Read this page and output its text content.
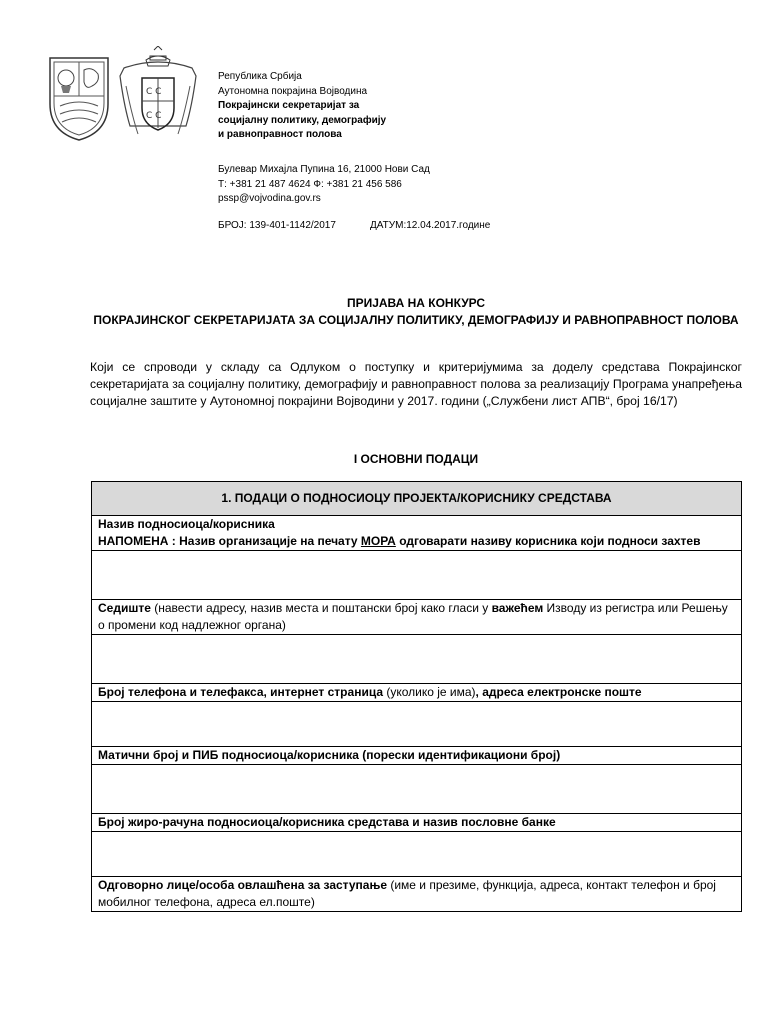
С С
С С
Република Србија
Аутономна покрајина Војводина
Покрајински секретаријат за
социјалну политику, демографију
и равноправност полова
Булевар Михајла Пупина 16, 21000 Нови Сад
Т: +381 21 487 4624 Ф: +381 21 456 586
pssp@vojvodina.gov.rs
БРОЈ: 139-401-1142/2017	ДАТУМ:12.04.2017.године
ПРИЈАВА НА КОНКУРС
ПОКРАЈИНСКОГ СЕКРЕТАРИЈАТА ЗА СОЦИЈАЛНУ ПОЛИТИКУ, ДЕМОГРАФИЈУ И РАВНОПРАВНОСТ ПОЛОВА
Који се спроводи у складу са Одлуком о поступку и критеријумима за доделу средстава Покрајинског секретаријата за социјалну политику, демографију и равноправност полова за реализацију Програма унапређења социјалне заштите у Аутономној покрајини Војводини у 2017. години („Службени лист АПВ“, број 16/17)
I ОСНОВНИ ПОДАЦИ
1. ПОДАЦИ О ПОДНОСИОЦУ ПРОЈЕКТА/КОРИСНИКУ СРЕДСТАВА
Назив подносиоца/корисника
НАПОМЕНА : Назив организације на печату МОРА одговарати називу корисника који подноси захтев

Седиште (навести адресу, назив места и поштански број како гласи у важећем Изводу из регистра или Решењу о промени код надлежног органа)

Број телефона и телефакса, интернет страница (уколико је има), адреса електронске поште

Матични број и ПИБ подносиоца/корисника (порески идентификациони број)

Број жиро-рачуна подносиоца/корисника средстава и назив пословне банке

Одговорно лице/особа овлашћена за заступање (име и презиме, функција, адреса, контакт телефон и број мобилног телефона, адреса ел.поште)
